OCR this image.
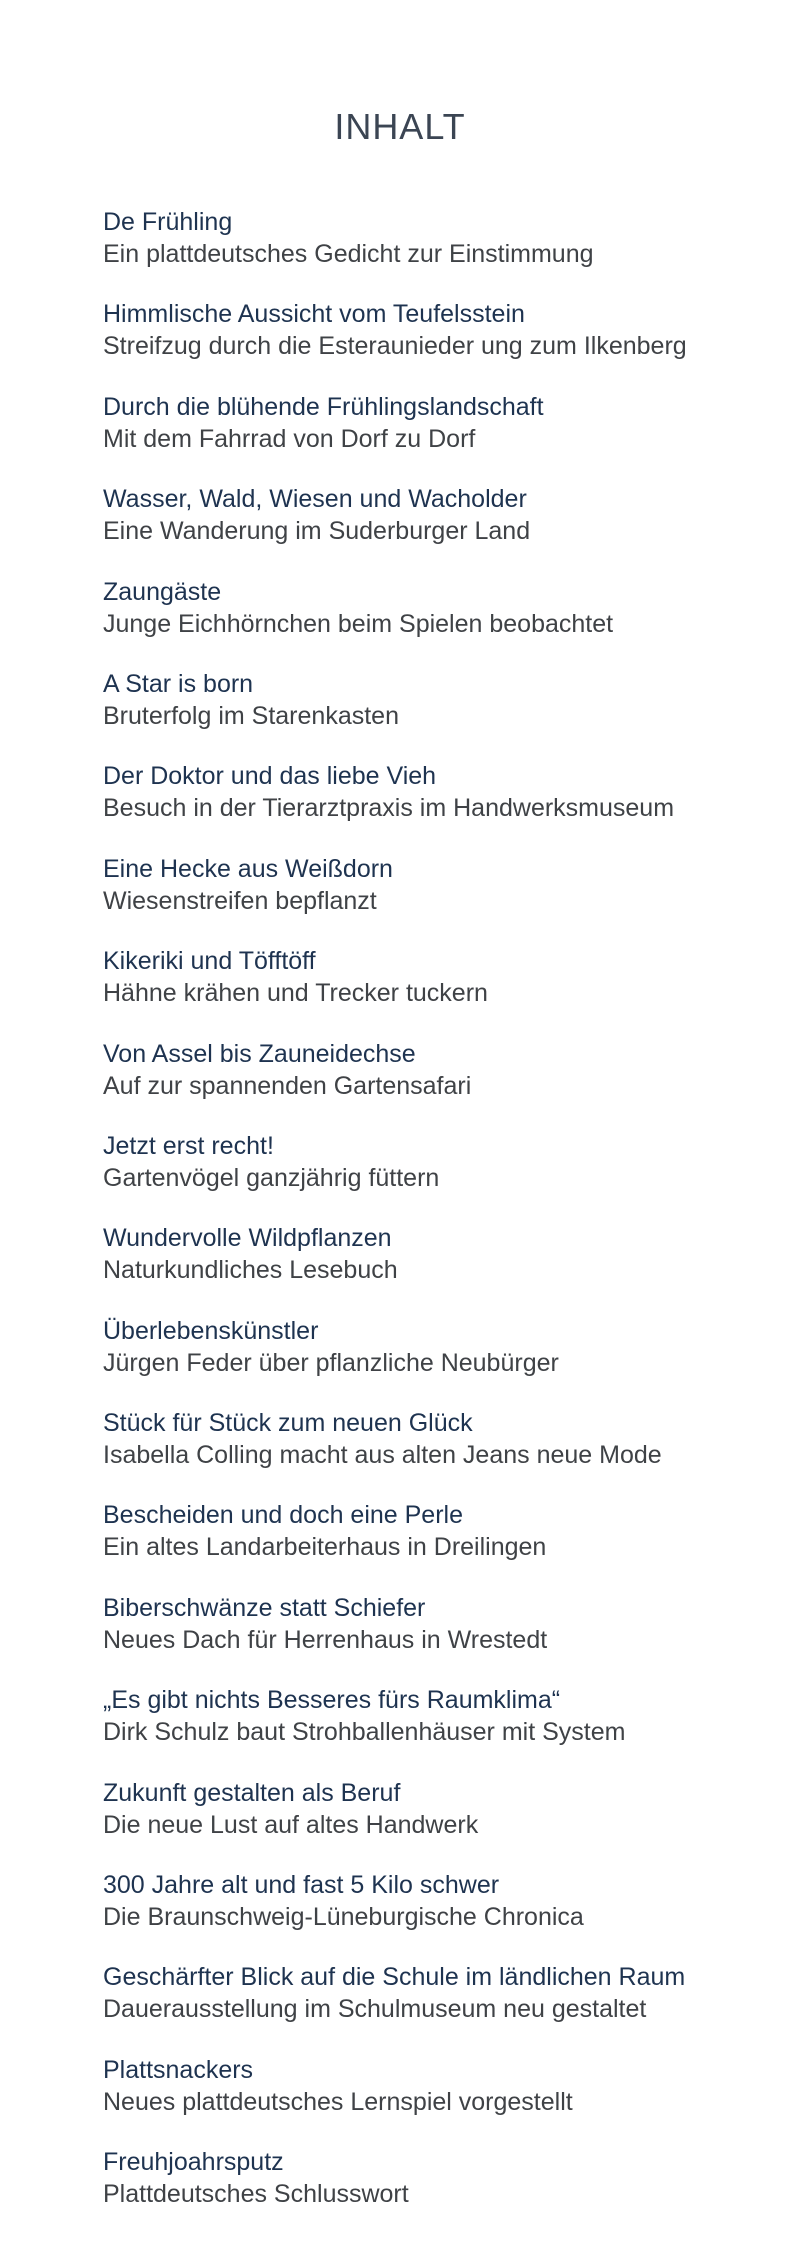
INHALT
De Frühling
Ein plattdeutsches Gedicht zur Einstimmung
Himmlische Aussicht vom Teufelsstein
Streifzug durch die Esteraunieder ung zum Ilkenberg
Durch die blühende Frühlingslandschaft
Mit dem Fahrrad von Dorf zu Dorf
Wasser, Wald, Wiesen und Wacholder
Eine Wanderung im Suderburger Land
Zaungäste
Junge Eichhörnchen beim Spielen beobachtet
A Star is born
Bruterfolg im Starenkasten
Der Doktor und das liebe Vieh
Besuch in der Tierarztpraxis im Handwerksmuseum
Eine Hecke aus Weißdorn
Wiesenstreifen bepflanzt
Kikeriki und Töfftöff
Hähne krähen und Trecker tuckern
Von Assel bis Zauneidechse
Auf zur spannenden Gartensafari
Jetzt erst recht!
Gartenvögel ganzjährig füttern
Wundervolle Wildpflanzen
Naturkundliches Lesebuch
Überlebenskünstler
Jürgen Feder über pflanzliche Neubürger
Stück für Stück zum neuen Glück
Isabella Colling macht aus alten Jeans neue Mode
Bescheiden und doch eine Perle
Ein altes Landarbeiterhaus in Dreilingen
Biberschwänze statt Schiefer
Neues Dach für Herrenhaus in Wrestedt
„Es gibt nichts Besseres fürs Raumklima“
Dirk Schulz baut Strohballenhäuser mit System
Zukunft gestalten als Beruf
Die neue Lust auf altes Handwerk
300 Jahre alt und fast 5 Kilo schwer
Die Braunschweig-Lüneburgische Chronica
Geschärfter Blick auf die Schule im ländlichen Raum
Dauerausstellung im Schulmuseum neu gestaltet
Plattsnackers
Neues plattdeutsches Lernspiel vorgestellt
Freuhjoahrsputz
Plattdeutsches Schlusswort
